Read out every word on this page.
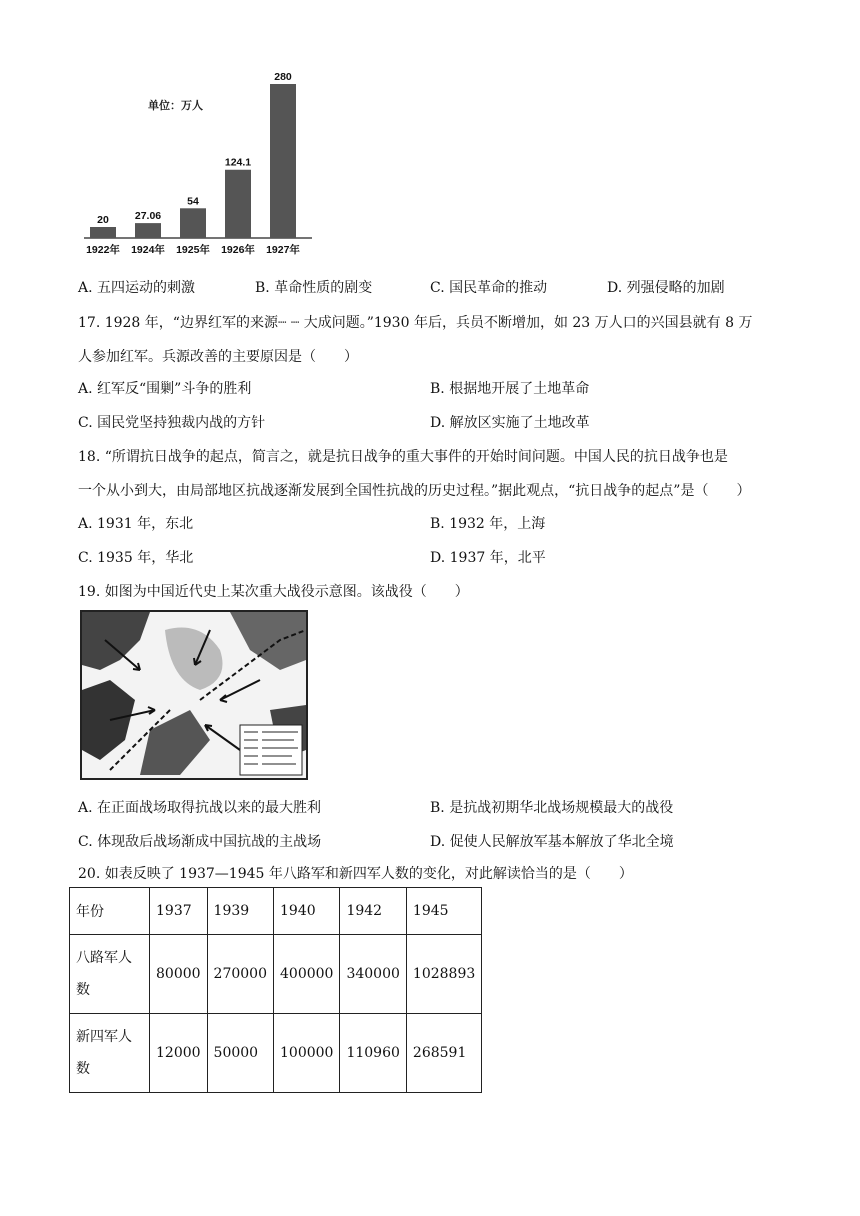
单位：万人
20
1922年
27.06
1924年
54
1925年
124.1
1926年
280
1927年
A. 五四运动的刺激	B. 革命性质的剧变	C. 国民革命的推动	D. 列强侵略的加剧
17. 1928 年，“边界红军的来源┈ ┈ 大成问题。”1930 年后，兵员不断增加，如 23 万人口的兴国县就有 8 万
人参加红军。兵源改善的主要原因是（　　）
A. 红军反“围剿”斗争的胜利	B. 根据地开展了土地革命
C. 国民党坚持独裁内战的方针	D. 解放区实施了土地改革
18. “所谓抗日战争的起点，简言之，就是抗日战争的重大事件的开始时间问题。中国人民的抗日战争也是
一个从小到大，由局部地区抗战逐渐发展到全国性抗战的历史过程。”据此观点，“抗日战争的起点”是（　　）
A. 1931 年，东北	B. 1932 年，上海
C. 1935 年，华北	D. 1937 年，北平
19. 如图为中国近代史上某次重大战役示意图。该战役（　　）
A. 在正面战场取得抗战以来的最大胜利	B. 是抗战初期华北战场规模最大的战役
C. 体现敌后战场渐成中国抗战的主战场	D. 促使人民解放军基本解放了华北全境
20. 如表反映了 1937—1945 年八路军和新四军人数的变化，对此解读恰当的是（　　）
年份	1937	1939	1940	1942	1945
八路军人数	80000	270000	400000	340000	1028893
新四军人数	12000	50000	100000	110960	268591
